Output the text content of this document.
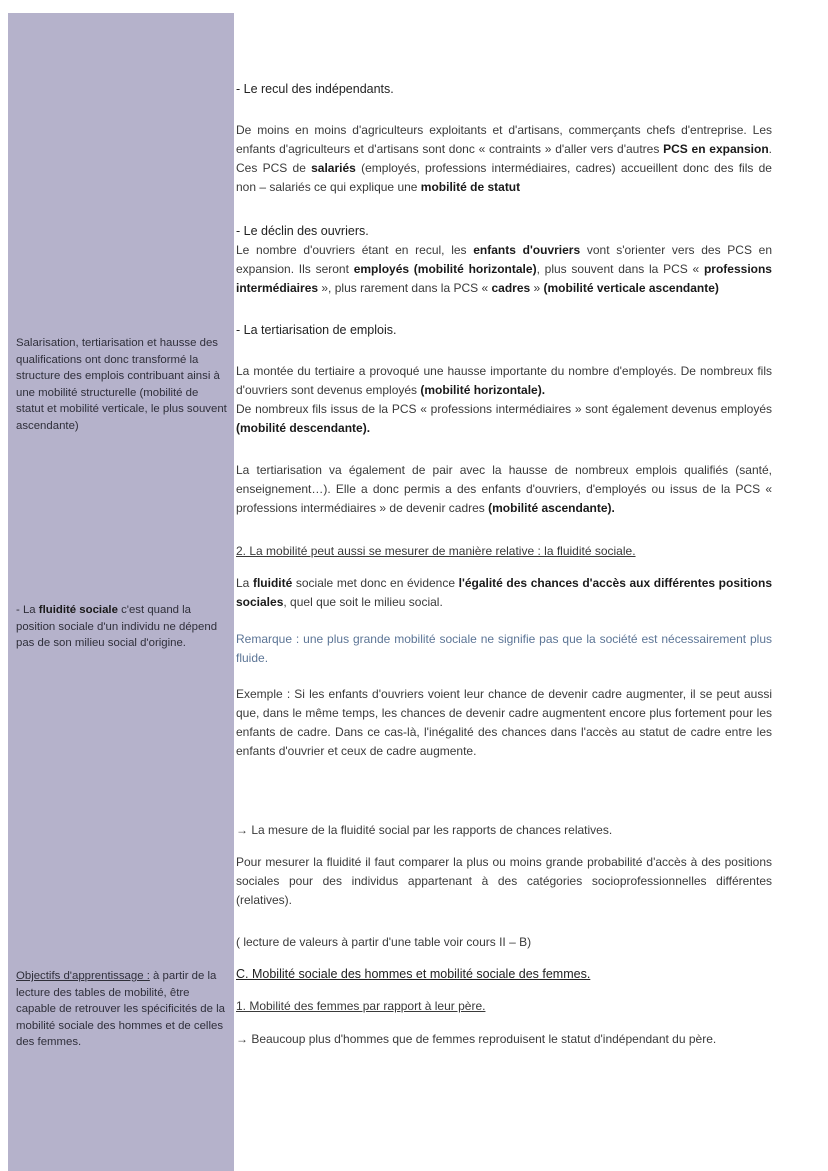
Salarisation, tertiarisation et hausse des qualifications ont donc transformé la structure des emplois contribuant ainsi à une mobilité structurelle (mobilité de statut et mobilité verticale, le plus souvent ascendante)
- La fluidité sociale c'est quand la position sociale d'un individu ne dépend pas de son milieu social d'origine.
Objectifs d'apprentissage : à partir de la lecture des tables de mobilité, être capable de retrouver les spécificités de la mobilité sociale des hommes et de celles des femmes.
- Le recul des indépendants.
De moins en moins d'agriculteurs exploitants et d'artisans, commerçants chefs d'entreprise. Les enfants d'agriculteurs et d'artisans sont donc « contraints » d'aller vers d'autres PCS en expansion. Ces PCS de salariés (employés, professions intermédiaires, cadres) accueillent donc des fils de non – salariés ce qui explique une mobilité de statut
- Le déclin des ouvriers.
Le nombre d'ouvriers étant en recul, les enfants d'ouvriers vont s'orienter vers des PCS en expansion. Ils seront employés (mobilité horizontale), plus souvent dans la PCS « professions intermédiaires », plus rarement dans la PCS « cadres » (mobilité verticale ascendante)
- La tertiarisation de emplois.
La montée du tertiaire a provoqué une hausse importante du nombre d'employés. De nombreux fils d'ouvriers sont devenus employés (mobilité horizontale).
De nombreux fils issus de la PCS « professions intermédiaires » sont également devenus employés (mobilité descendante).
La tertiarisation va également de pair avec la hausse de nombreux emplois qualifiés (santé, enseignement…). Elle a donc permis a des enfants d'ouvriers, d'employés ou issus de la PCS « professions intermédiaires » de devenir cadres (mobilité ascendante).
2. La mobilité peut aussi se mesurer de manière relative : la fluidité sociale.
La fluidité sociale met donc en évidence l'égalité des chances d'accès aux différentes positions sociales, quel que soit le milieu social.
Remarque : une plus grande mobilité sociale ne signifie pas que la société est nécessairement plus fluide.
Exemple : Si les enfants d'ouvriers voient leur chance de devenir cadre augmenter, il se peut aussi que, dans le même temps, les chances de devenir cadre augmentent encore plus fortement pour les enfants de cadre. Dans ce cas-là, l'inégalité des chances dans l'accès au statut de cadre entre les enfants d'ouvrier et ceux de cadre augmente.
→ La mesure de la fluidité social par les rapports de chances relatives.
Pour mesurer la fluidité il faut comparer la plus ou moins grande probabilité d'accès à des positions sociales pour des individus appartenant à des catégories socioprofessionnelles différentes (relatives).
( lecture de valeurs à partir d'une table voir cours II – B)
C. Mobilité sociale des hommes et mobilité sociale des femmes.
1. Mobilité des femmes par rapport à leur père.
→ Beaucoup plus d'hommes que de femmes reproduisent le statut d'indépendant du père.
